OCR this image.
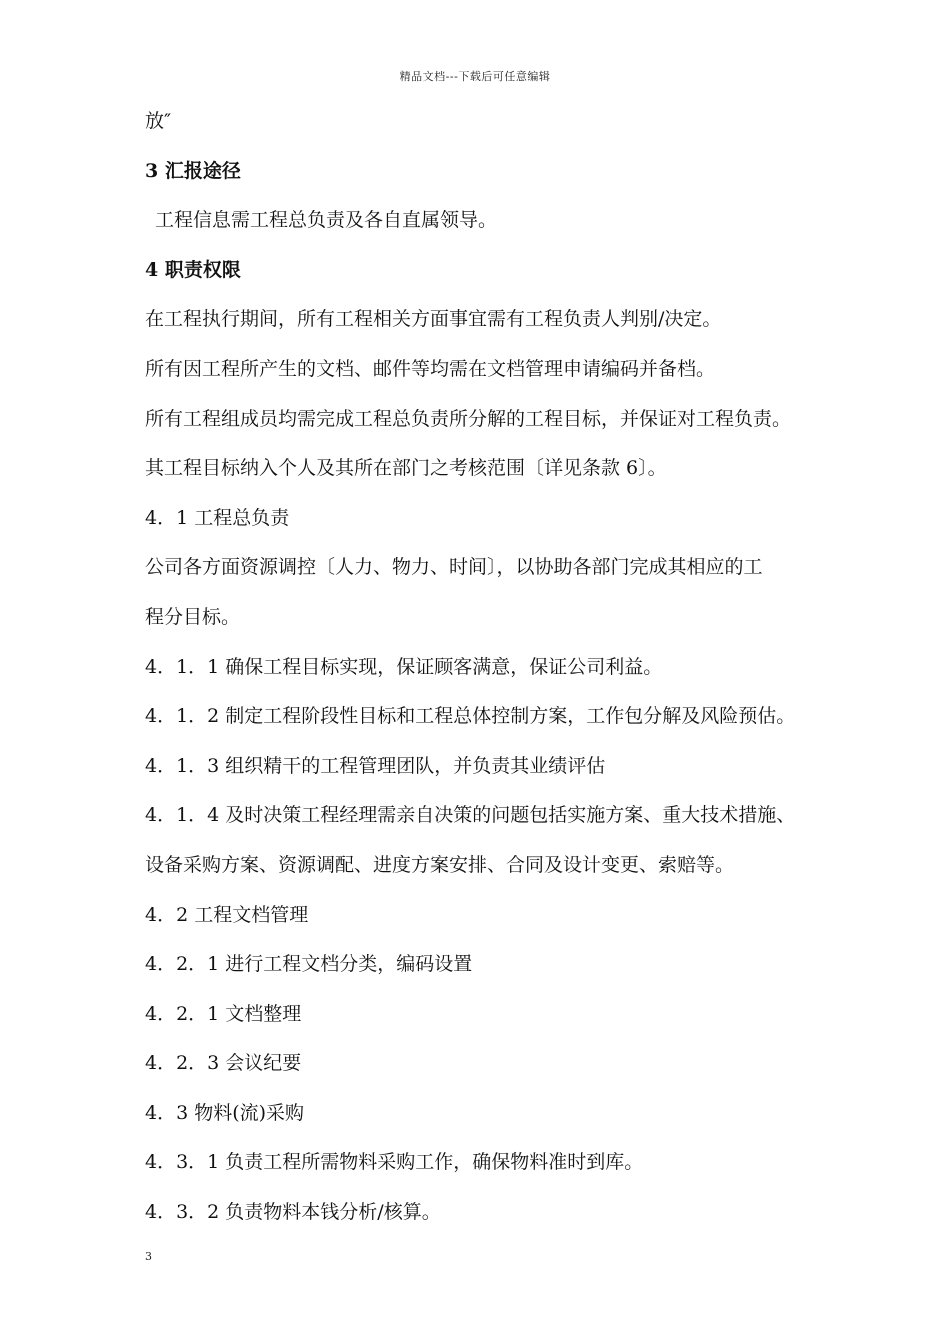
精品文档---下载后可任意编辑
放″
3 汇报途径
工程信息需工程总负责及各自直属领导。
4 职责权限
在工程执行期间，所有工程相关方面事宜需有工程负责人判别/决定。
所有因工程所产生的文档、邮件等均需在文档管理申请编码并备档。
所有工程组成员均需完成工程总负责所分解的工程目标，并保证对工程负责。
其工程目标纳入个人及其所在部门之考核范围〔详见条款 6〕。
4．1 工程总负责
公司各方面资源调控〔人力、物力、时间〕，以协助各部门完成其相应的工
程分目标。
4．1．1 确保工程目标实现，保证顾客满意，保证公司利益。
4．1．2 制定工程阶段性目标和工程总体控制方案，工作包分解及风险预估。
4．1．3 组织精干的工程管理团队，并负责其业绩评估
4．1．4 及时决策工程经理需亲自决策的问题包括实施方案、重大技术措施、
设备采购方案、资源调配、进度方案安排、合同及设计变更、索赔等。
4．2 工程文档管理
4．2．1 进行工程文档分类，编码设置
4．2．1 文档整理
4．2．3 会议纪要
4．3 物料(流)采购
4．3．1 负责工程所需物料采购工作，确保物料准时到库。
4．3．2 负责物料本钱分析/核算。
3
